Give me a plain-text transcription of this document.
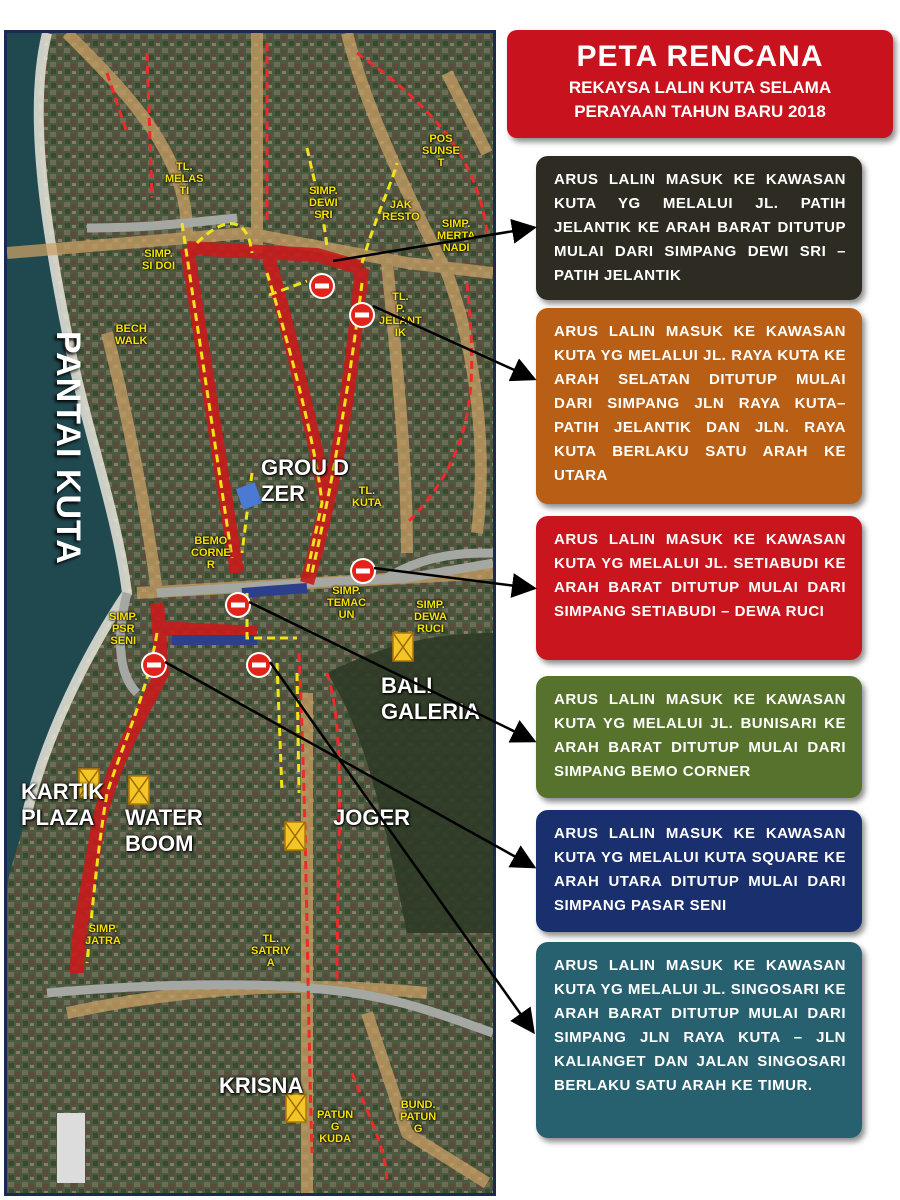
PANTAI KUTA
TL.
MELAS
TI	SIMP.
DEWI
SRI
JAK
RESTO
POS
SUNSE
T
SIMP.
MERTA
NADI
SIMP.
SI DOI
TL.
P.
JELANT
IK
BECH
WALK
GROU D
ZER	TL.
KUTA
BEMO
CORNE
R
SIMP.
TEMAC
UN
SIMP.
DEWA
RUCI
SIMP.
PSR
SENI
BALI
GALERIA
KARTIK
PLAZA	WATER
BOOM
JOGER
SIMP.
JATRA	TL.
SATRIY
A
KRISNA
PATUN
G
KUDA
BUND.
PATUN
G
PETA RENCANA
REKAYSA LALIN KUTA SELAMA
PERAYAAN TAHUN BARU 2018
ARUS LALIN MASUK KE KAWASAN KUTA YG MELALUI JL. PATIH JELANTIK KE ARAH BARAT DITUTUP MULAI DARI SIMPANG DEWI SRI – PATIH JELANTIK
ARUS LALIN MASUK KE KAWASAN KUTA YG MELALUI JL. RAYA KUTA KE ARAH SELATAN DITUTUP MULAI DARI SIMPANG JLN RAYA KUTA– PATIH JELANTIK DAN JLN. RAYA KUTA BERLAKU SATU ARAH KE UTARA
ARUS LALIN MASUK KE KAWASAN KUTA YG MELALUI JL. SETIABUDI KE ARAH BARAT DITUTUP MULAI DARI SIMPANG SETIABUDI – DEWA RUCI
ARUS LALIN MASUK KE KAWASAN KUTA YG MELALUI JL. BUNISARI KE ARAH BARAT DITUTUP MULAI DARI SIMPANG BEMO CORNER
ARUS LALIN MASUK KE KAWASAN KUTA YG MELALUI KUTA SQUARE KE ARAH UTARA DITUTUP MULAI DARI SIMPANG PASAR SENI
ARUS LALIN MASUK KE KAWASAN KUTA YG MELALUI JL. SINGOSARI KE ARAH BARAT DITUTUP MULAI DARI SIMPANG JLN RAYA KUTA – JLN KALIANGET DAN JALAN SINGOSARI BERLAKU SATU ARAH KE TIMUR.
